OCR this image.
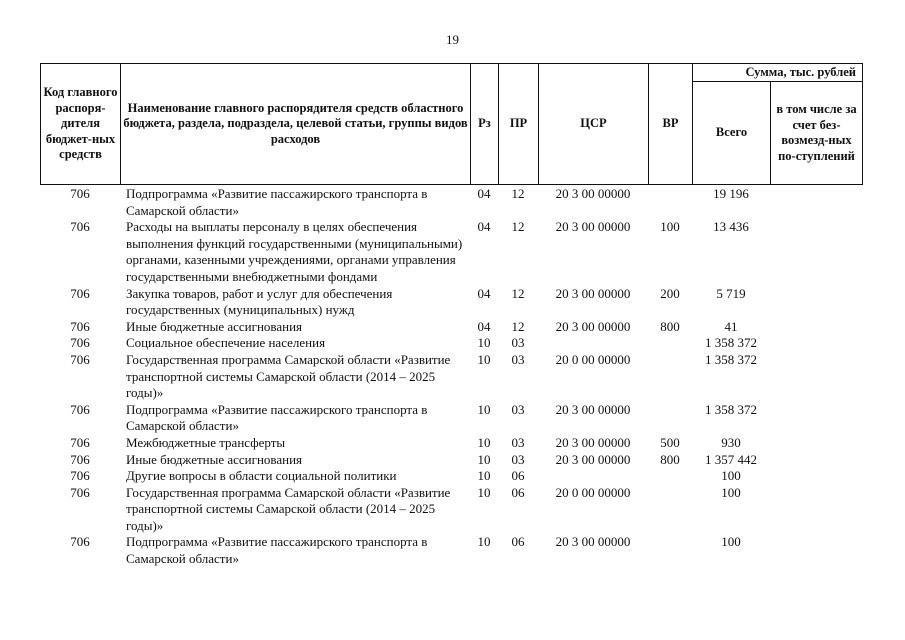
19
Код главного распоря-дителя бюджет-ных средств	Наименование главного распорядителя средств областного бюджета, раздела, подраздела, целевой статьи, группы видов расходов	Рз	ПР	ЦСР	ВР	Сумма, тыс. рублей	
						Всего	в том числе за счет без-возмезд-ных по-ступлений
706	Подпрограмма «Развитие пассажирского транспорта в Самарской области»	04	12	20 3 00 00000		19 196	
706	Расходы на выплаты персоналу в целях обеспечения выполнения функций государственными (муниципальными) органами, казенными учреждениями, органами управления государственными внебюджетными фондами	04	12	20 3 00 00000	100	13 436	
706	Закупка товаров, работ и услуг для обеспечения государственных (муниципальных) нужд	04	12	20 3 00 00000	200	5 719	
706	Иные бюджетные ассигнования	04	12	20 3 00 00000	800	41	
706	Социальное обеспечение населения	10	03			1 358 372	
706	Государственная программа Самарской области «Развитие транспортной системы Самарской области (2014 – 2025 годы)»	10	03	20 0 00 00000		1 358 372	
706	Подпрограмма «Развитие пассажирского транспорта в Самарской области»	10	03	20 3 00 00000		1 358 372	
706	Межбюджетные трансферты	10	03	20 3 00 00000	500	930	
706	Иные бюджетные ассигнования	10	03	20 3 00 00000	800	1 357 442	
706	Другие вопросы в области социальной политики	10	06			100	
706	Государственная программа Самарской области «Развитие транспортной системы Самарской области (2014 – 2025 годы)»	10	06	20 0 00 00000		100	
706	Подпрограмма «Развитие пассажирского транспорта в Самарской области»	10	06	20 3 00 00000		100	
